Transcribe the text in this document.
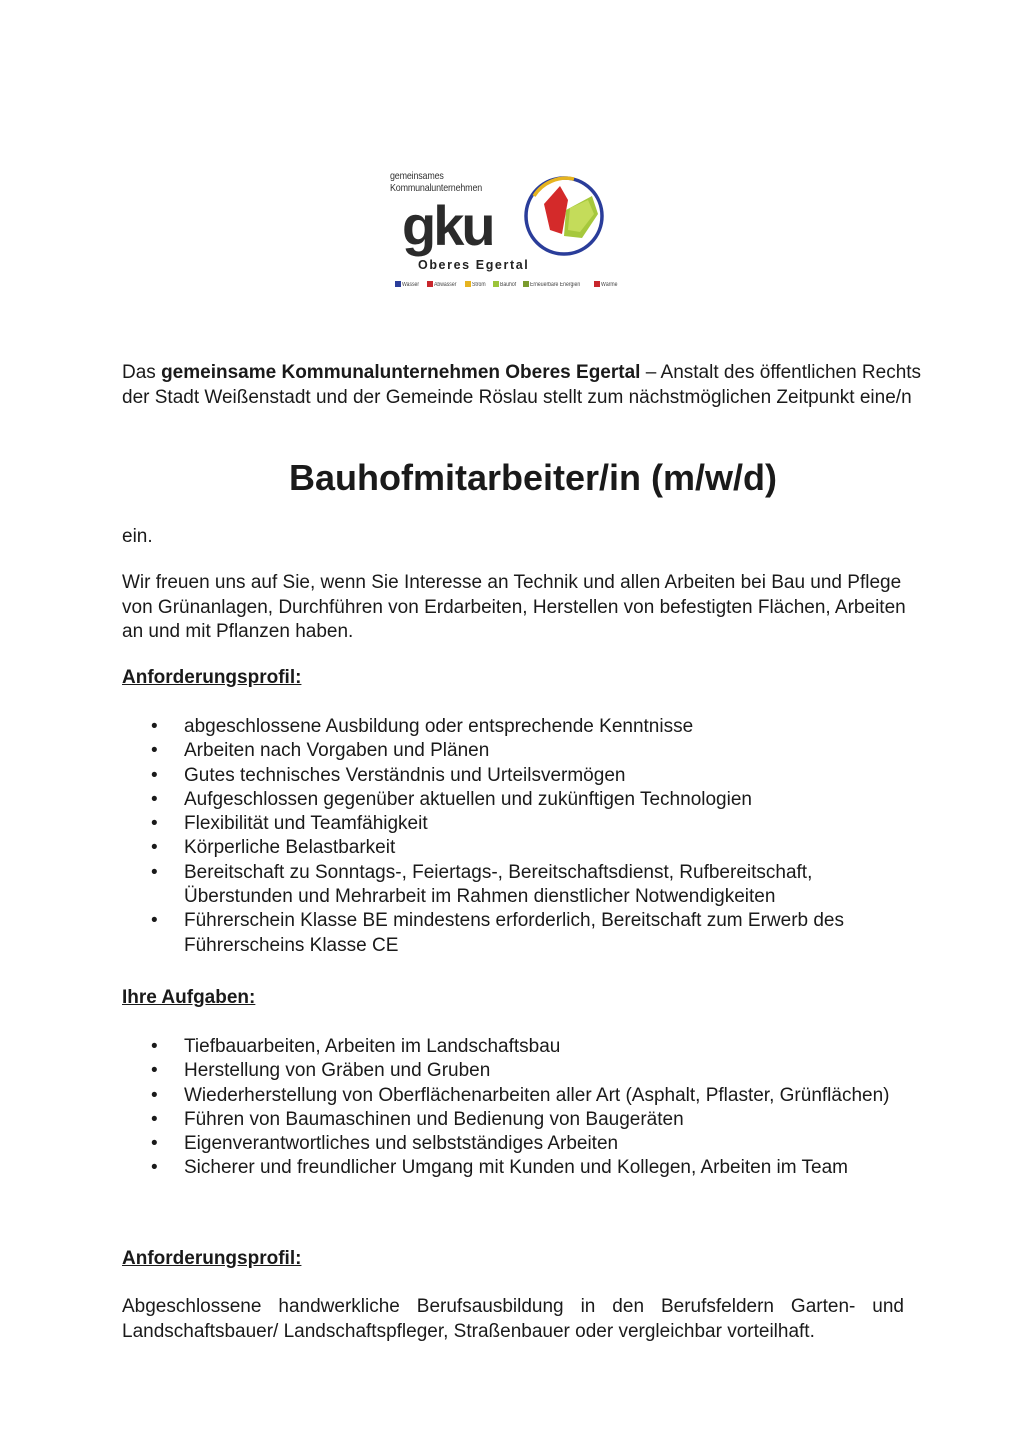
gemeinsames
Kommunalunternehmen
gku
Oberes Egertal
Wasser Abwasser	Strom Bauhof Erneuerbare Energien	Wärme

Das gemeinsame Kommunalunternehmen Oberes Egertal – Anstalt des öffentlichen Rechts der Stadt Weißenstadt und der Gemeinde Röslau stellt zum nächstmöglichen Zeitpunkt eine/n

Bauhofmitarbeiter/in (m/w/d)

ein.

Wir freuen uns auf Sie, wenn Sie Interesse an Technik und allen Arbeiten bei Bau und Pflege von Grünanlagen, Durchführen von Erdarbeiten, Herstellen von befestigten Flächen, Arbeiten an und mit Pflanzen haben.

Anforderungsprofil:
• abgeschlossene Ausbildung oder entsprechende Kenntnisse
• Arbeiten nach Vorgaben und Plänen
• Gutes technisches Verständnis und Urteilsvermögen
• Aufgeschlossen gegenüber aktuellen und zukünftigen Technologien
• Flexibilität und Teamfähigkeit
• Körperliche Belastbarkeit
• Bereitschaft zu Sonntags-, Feiertags-, Bereitschaftsdienst, Rufbereitschaft, Überstunden und Mehrarbeit im Rahmen dienstlicher Notwendigkeiten
• Führerschein Klasse BE mindestens erforderlich, Bereitschaft zum Erwerb des Führerscheins Klasse CE
Ihre Aufgaben:
• Tiefbauarbeiten, Arbeiten im Landschaftsbau
• Herstellung von Gräben und Gruben
• Wiederherstellung von Oberflächenarbeiten aller Art (Asphalt, Pflaster, Grünflächen)
• Führen von Baumaschinen und Bedienung von Baugeräten
• Eigenverantwortliches und selbstständiges Arbeiten
• Sicherer und freundlicher Umgang mit Kunden und Kollegen, Arbeiten im Team
Anforderungsprofil:

Abgeschlossene handwerkliche Berufsausbildung in den Berufsfeldern Garten- und Landschaftsbauer/ Landschaftspfleger, Straßenbauer oder vergleichbar vorteilhaft.
